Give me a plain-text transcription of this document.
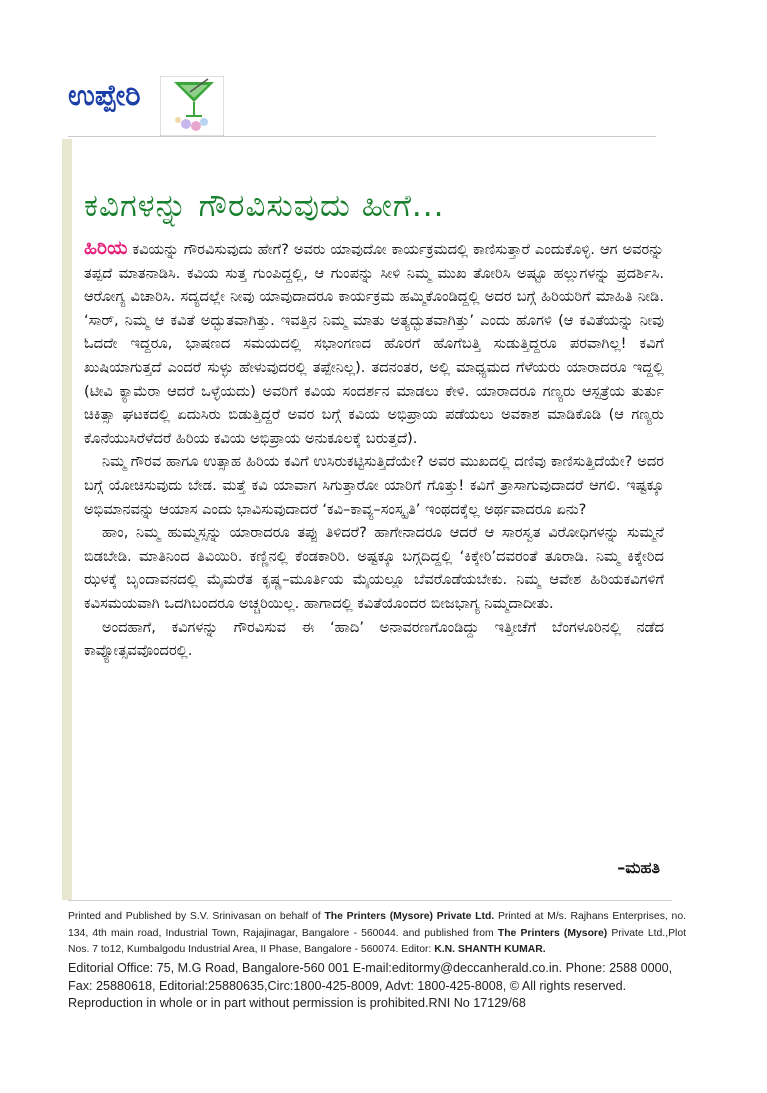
ಉಪ್ಪೇರಿ
ಕವಿಗಳನ್ನು ಗೌರವಿಸುವುದು ಹೀಗೆ...

ಹಿರಿಯ ಕವಿಯನ್ನು ಗೌರವಿಸುವುದು ಹೇಗೆ? ಅವರು ಯಾವುದೋ ಕಾರ್ಯಕ್ರಮದಲ್ಲಿ ಕಾಣಿಸುತ್ತಾರೆ ಎಂದುಕೊಳ್ಳಿ. ಆಗ ಅವರನ್ನು ತಪ್ಪದೆ ಮಾತನಾಡಿಸಿ. ಕವಿಯ ಸುತ್ತ ಗುಂಪಿದ್ದಲ್ಲಿ, ಆ ಗುಂಪನ್ನು ಸೀಳಿ ನಿಮ್ಮ ಮುಖ ತೋರಿಸಿ ಅಷ್ಟೂ ಹಲ್ಲುಗಳನ್ನು ಪ್ರದರ್ಶಿಸಿ. ಆರೋಗ್ಯ ವಿಚಾರಿಸಿ. ಸದ್ಯದಲ್ಲೇ ನೀವು ಯಾವುದಾದರೂ ಕಾರ್ಯಕ್ರಮ ಹಮ್ಮಿಕೊಂಡಿದ್ದಲ್ಲಿ ಅದರ ಬಗ್ಗೆ ಹಿರಿಯರಿಗೆ ಮಾಹಿತಿ ನೀಡಿ. ‘ಸಾರ್, ನಿಮ್ಮ ಆ ಕವಿತೆ ಅದ್ಭುತವಾಗಿತ್ತು. ಇವತ್ತಿನ ನಿಮ್ಮ ಮಾತು ಅತ್ಯದ್ಭುತವಾಗಿತ್ತು’ ಎಂದು ಹೊಗಳಿ (ಆ ಕವಿತೆಯನ್ನು ನೀವು ಓದದೇ ಇದ್ದರೂ, ಭಾಷಣದ ಸಮಯದಲ್ಲಿ ಸಭಾಂಗಣದ ಹೊರಗೆ ಹೊಗೆಬತ್ತಿ ಸುಡುತ್ತಿದ್ದರೂ ಪರವಾಗಿಲ್ಲ! ಕವಿಗೆ ಖುಷಿಯಾಗುತ್ತದೆ ಎಂದರೆ ಸುಳ್ಳು ಹೇಳುವುದರಲ್ಲಿ ತಪ್ಪೇನಿಲ್ಲ). ತದನಂತರ, ಅಲ್ಲಿ ಮಾಧ್ಯಮದ ಗೆಳೆಯರು ಯಾರಾದರೂ ಇದ್ದಲ್ಲಿ (ಟೀವಿ ಕ್ಯಾಮೆರಾ ಆದರೆ ಒಳ್ಳೆಯದು) ಅವರಿಗೆ ಕವಿಯ ಸಂದರ್ಶನ ಮಾಡಲು ಕೇಳಿ. ಯಾರಾದರೂ ಗಣ್ಯರು ಆಸ್ಪತ್ರೆಯ ತುರ್ತು ಚಿಕಿತ್ಸಾ ಘಟಕದಲ್ಲಿ ಏದುಸಿರು ಬಿಡುತ್ತಿದ್ದರೆ ಅವರ ಬಗ್ಗೆ ಕವಿಯ ಅಭಿಪ್ರಾಯ ಪಡೆಯಲು ಅವಕಾಶ ಮಾಡಿಕೊಡಿ (ಆ ಗಣ್ಯರು ಕೊನೆಯುಸಿರೆಳೆದರೆ ಹಿರಿಯ ಕವಿಯ ಅಭಿಪ್ರಾಯ ಅನುಕೂಲಕ್ಕೆ ಬರುತ್ತದೆ).

ನಿಮ್ಮ ಗೌರವ ಹಾಗೂ ಉತ್ಸಾಹ ಹಿರಿಯ ಕವಿಗೆ ಉಸಿರುಕಟ್ಟಿಸುತ್ತಿದೆಯೇ? ಅವರ ಮುಖದಲ್ಲಿ ದಣಿವು ಕಾಣಿಸುತ್ತಿದೆಯೇ? ಅದರ ಬಗ್ಗೆ ಯೋಚಿಸುವುದು ಬೇಡ. ಮತ್ತೆ ಕವಿ ಯಾವಾಗ ಸಿಗುತ್ತಾರೋ ಯಾರಿಗೆ ಗೊತ್ತು! ಕವಿಗೆ ತ್ರಾಸಾಗುವುದಾದರೆ ಆಗಲಿ. ಇಷ್ಟಕ್ಕೂ ಅಭಿಮಾನವನ್ನು ಆಯಾಸ ಎಂದು ಭಾವಿಸುವುದಾದರೆ ‘ಕವಿ–ಕಾವ್ಯ–ಸಂಸ್ಕೃತಿ’ ಇಂಥದಕ್ಕೆಲ್ಲ ಅರ್ಥವಾದರೂ ಏನು?

ಹಾಂ, ನಿಮ್ಮ ಹುಮ್ಮಸ್ಸನ್ನು ಯಾರಾದರೂ ತಪ್ಪು ತಿಳಿದರೆ? ಹಾಗೇನಾದರೂ ಆದರೆ ಆ ಸಾರಸ್ವತ ವಿರೋಧಿಗಳನ್ನು ಸುಮ್ಮನೆ ಬಿಡಬೇಡಿ. ಮಾತಿನಿಂದ ತಿವಿಯಿರಿ. ಕಣ್ಣಿನಲ್ಲಿ ಕೆಂಡಕಾರಿರಿ. ಅಷ್ಟಕ್ಕೂ ಬಗ್ಗದಿದ್ದಲ್ಲಿ ‘ಕಿಕ್ಕೇರಿ’ದವರಂತೆ ತೂರಾಡಿ. ನಿಮ್ಮ ಕಿಕ್ಕೇರಿದ ಝಳಕ್ಕೆ ಬೃಂದಾವನದಲ್ಲಿ ಮೈಮರೆತ ಕೃಷ್ಣ–ಮೂರ್ತಿಯ ಮೈಯಲ್ಲೂ ಬೆವರೊಡೆಯಬೇಕು. ನಿಮ್ಮ ಆವೇಶ ಹಿರಿಯಕವಿಗಳಿಗೆ ಕವಿಸಮಯವಾಗಿ ಒದಗಿಬಂದರೂ ಅಚ್ಚರಿಯಿಲ್ಲ. ಹಾಗಾದಲ್ಲಿ ಕವಿತೆಯೊಂದರ ಬೀಜಭಾಗ್ಯ ನಿಮ್ಮದಾದೀತು.

ಅಂದಹಾಗೆ, ಕವಿಗಳನ್ನು ಗೌರವಿಸುವ ಈ ‘ಹಾದಿ’ ಅನಾವರಣಗೊಂಡಿದ್ದು ಇತ್ತೀಚೆಗೆ ಬೆಂಗಳೂರಿನಲ್ಲಿ ನಡೆದ ಕಾವ್ಯೋತ್ಸವವೊಂದರಲ್ಲಿ.

–ಮಹತಿ
Printed and Published by S.V. Srinivasan on behalf of The Printers (Mysore) Private Ltd. Printed at M/s. Rajhans Enterprises, no. 134, 4th main road, Industrial Town, Rajajinagar, Bangalore - 560044. and published from The Printers (Mysore) Private Ltd.,Plot Nos. 7 to12, Kumbalgodu Industrial Area, II Phase, Bangalore - 560074. Editor: K.N. SHANTH KUMAR.
Editorial Office: 75, M.G Road, Bangalore-560 001 E-mail:editormy@deccanherald.co.in. Phone: 2588 0000, Fax: 25880618, Editorial:25880635,Circ:1800-425-8009, Advt: 1800-425-8008, © All rights reserved. Reproduction in whole or in part without permission is prohibited.RNI No 17129/68
